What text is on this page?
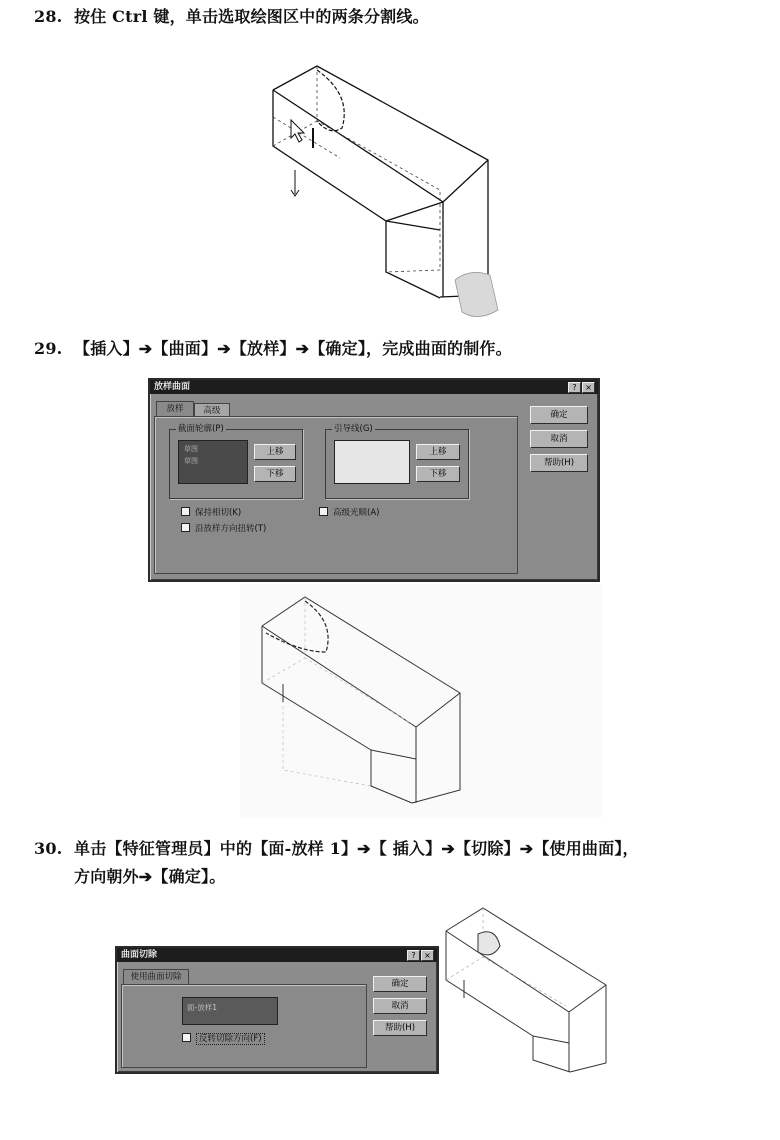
28. 按住 Ctrl 键，单击选取绘图区中的两条分割线。
29. 【插入】➔【曲面】➔【放样】➔【确定】，完成曲面的制作。
放样曲面	?	×
放样	高级
截面轮廓(P)
草图
草图
上移
下移
引导线(G)
上移
下移
保持相切(K)
沿放样方向扭转(T)
高级光顺(A)
确定
取消
帮助(H)
30. 单击【特征管理员】中的【面-放样 1】➔【 插入】➔【切除】➔【使用曲面】，
方向朝外➔【确定】。
曲面切除	?	×
使用曲面切除
面-放样1
反转切除方向(F)
确定
取消
帮助(H)
